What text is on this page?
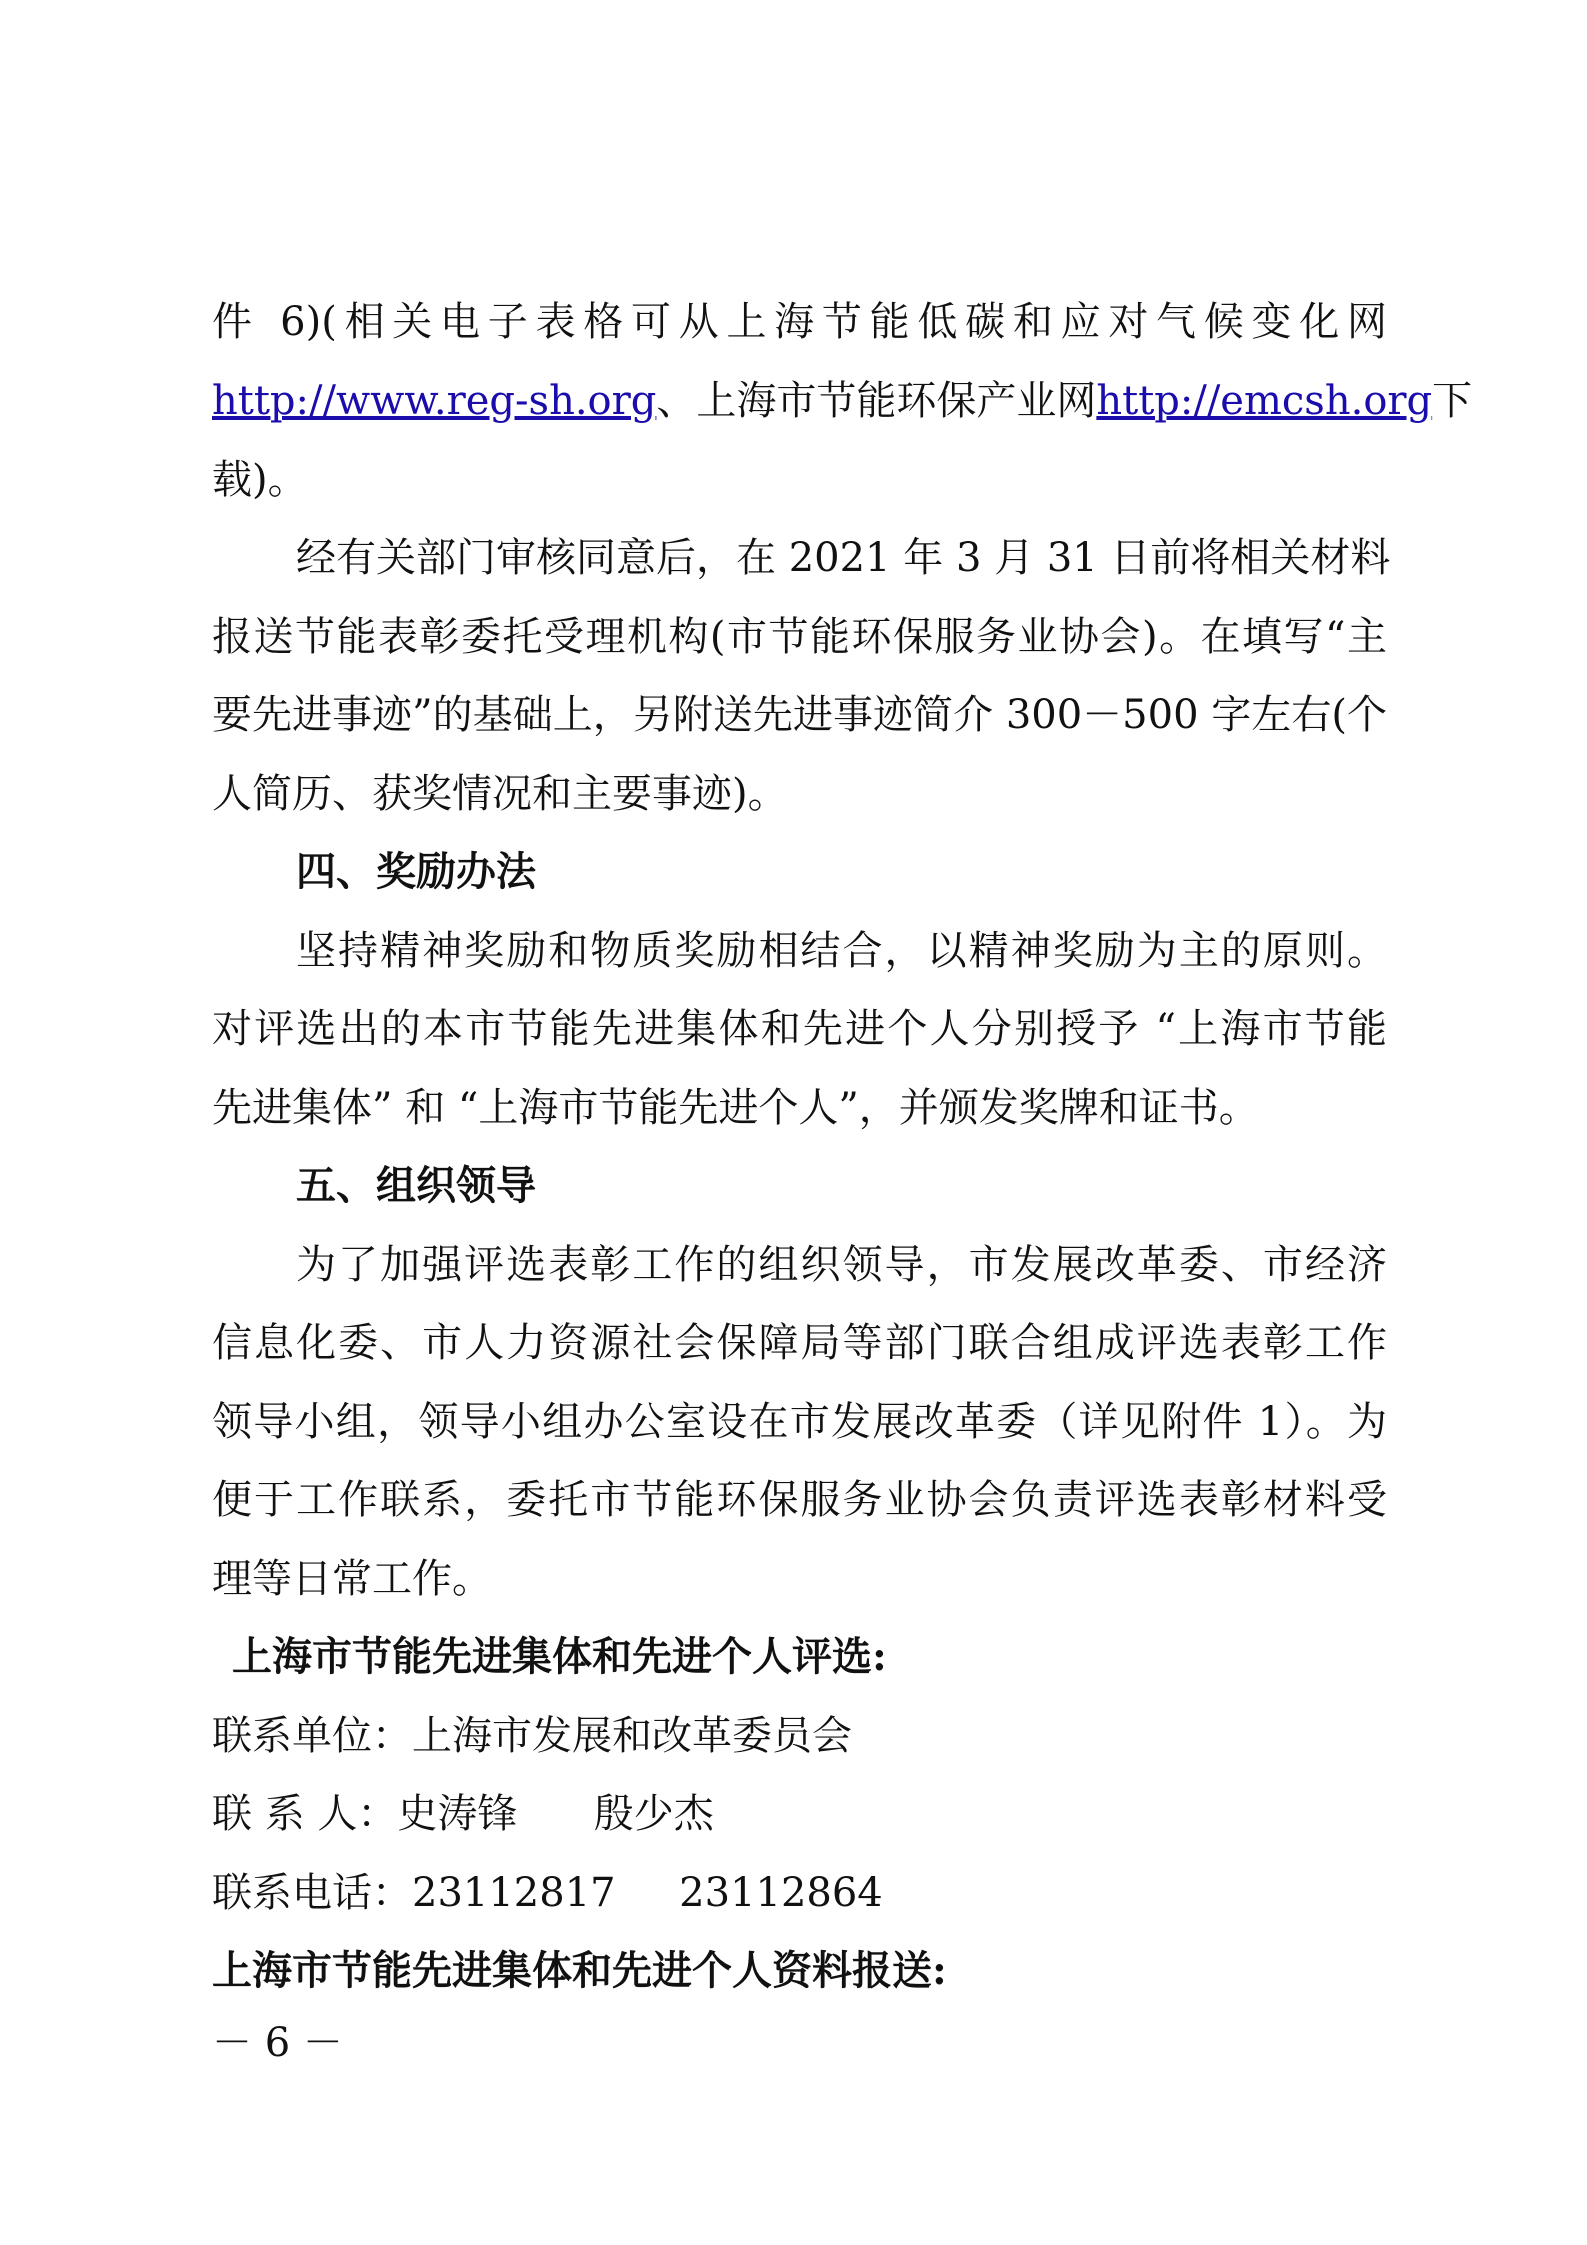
件 6)(相关电子表格可从上海节能低碳和应对气候变化网
http://www.reg-sh.org 、上海市节能环保产业网 http://emcsh.org 下
载)。
经有关部门审核同意后，在 2021 年 3 月 31 日前将相关材料
报送节能表彰委托受理机构(市节能环保服务业协会)。在填写“主
要先进事迹”的基础上，另附送先进事迹简介 300－500 字左右(个
人简历、获奖情况和主要事迹)。
四、奖励办法
坚持精神奖励和物质奖励相结合，以精神奖励为主的原则。
对评选出的本市节能先进集体和先进个人分别授予 “上海市节能
先进集体” 和 “上海市节能先进个人”，并颁发奖牌和证书。
五、组织领导
为了加强评选表彰工作的组织领导，市发展改革委、市经济
信息化委、市人力资源社会保障局等部门联合组成评选表彰工作
领导小组，领导小组办公室设在市发展改革委（详见附件 1）。为
便于工作联系，委托市节能环保服务业协会负责评选表彰材料受
理等日常工作。
上海市节能先进集体和先进个人评选:
联系单位：上海市发展和改革委员会
联 系 人：史涛锋      殷少杰
联系电话：23112817     23112864
上海市节能先进集体和先进个人资料报送:
－ 6 －
